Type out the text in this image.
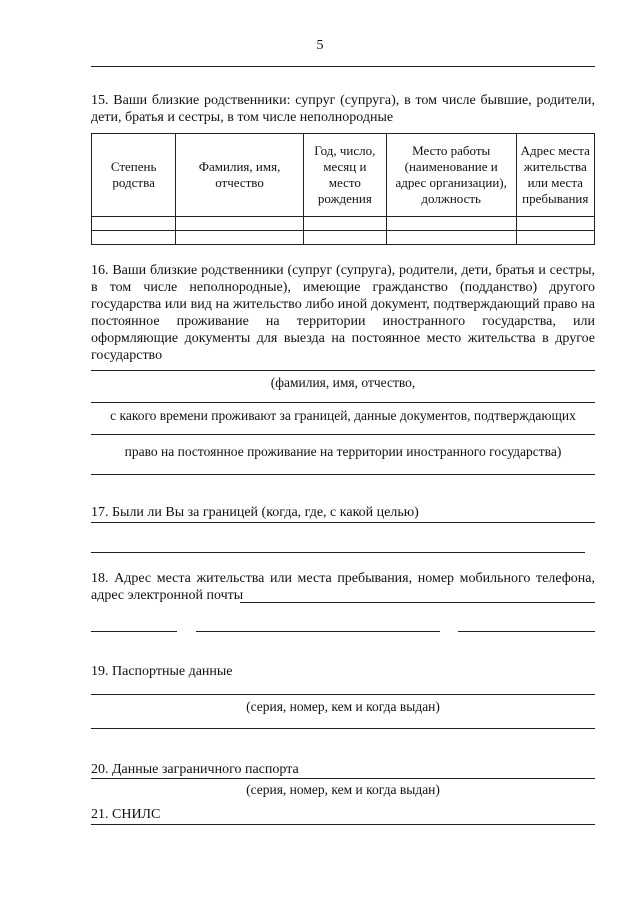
5
15. Ваши близкие родственники: супруг (супруга), в том числе бывшие, родители, дети, братья и сестры, в том числе неполнородные
Степень родства	Фамилия, имя, отчество	Год, число, месяц и место рождения	Место работы (наименование и адрес организации), должность	Адрес места жительства или места пребывания

16. Ваши близкие родственники (супруг (супруга), родители, дети, братья и сестры, в том числе неполнородные), имеющие гражданство (подданство) другого государства или вид на жительство либо иной документ, подтверждающий право на постоянное проживание на территории иностранного государства, или оформляющие документы для выезда на постоянное место жительства в другое государство
(фамилия, имя, отчество,
с какого времени проживают за границей, данные документов, подтверждающих
право на постоянное проживание на территории иностранного государства)
17. Были ли Вы за границей (когда, где, с какой целью)
18. Адрес места жительства или места пребывания, номер мобильного телефона, адрес электронной почты
19. Паспортные данные
(серия, номер, кем и когда выдан)
20. Данные заграничного паспорта
(серия, номер, кем и когда выдан)
21. СНИЛС
